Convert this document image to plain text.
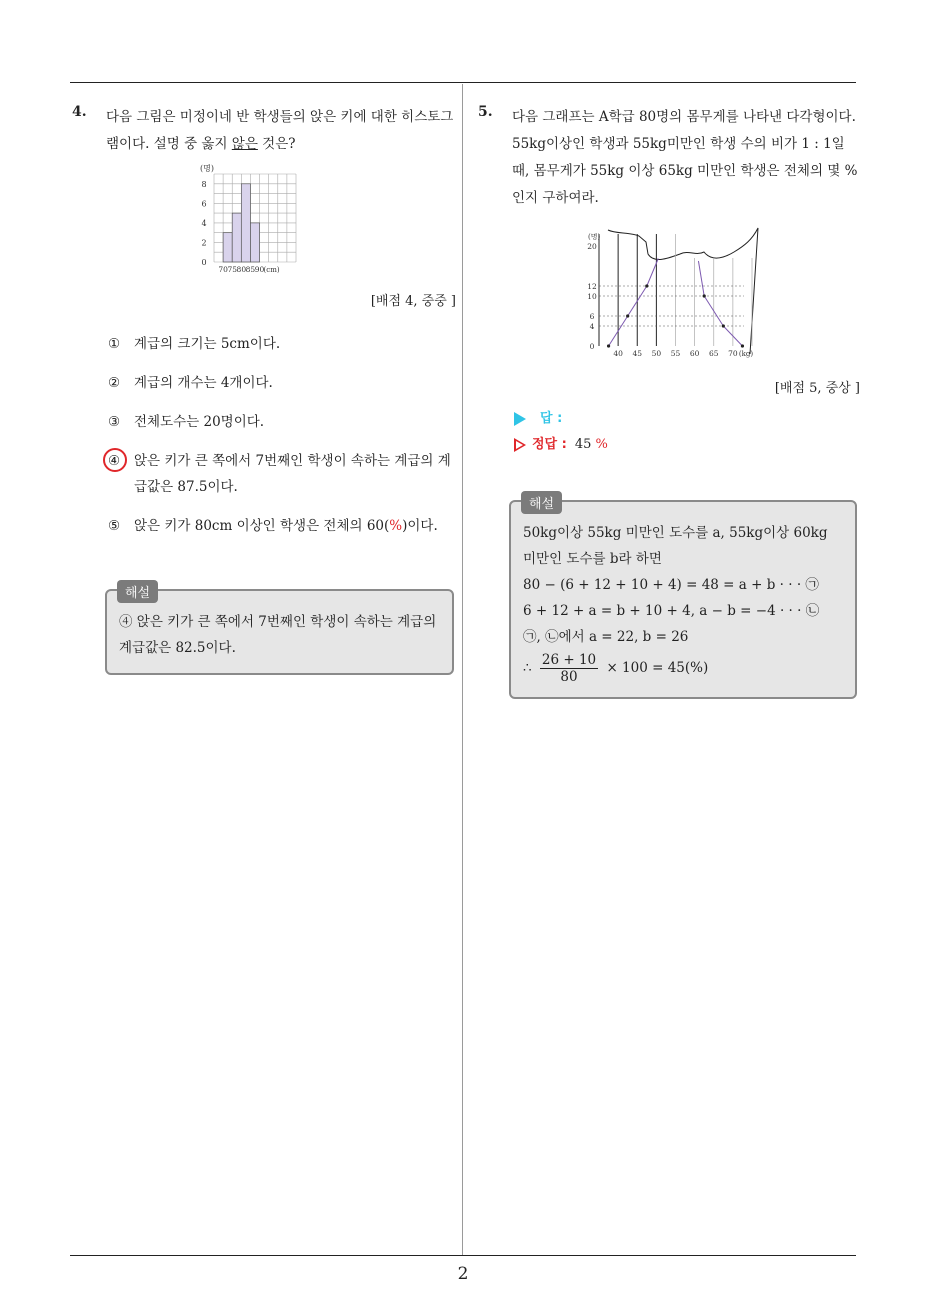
2
4.	다음 그림은 미정이네 반 학생들의 앉은 키에 대한 히스토그램이다. 설명 중 옳지 않은 것은?
(명)
0
2
4
6
8
70 75 80 85 90 (cm)
[배점 4, 중중 ]
①	계급의 크기는 5cm이다.
②	계급의 개수는 4개이다.
③	전체도수는 20명이다.
④	앉은 키가 큰 쪽에서 7번째인 학생이 속하는 계급의 계급값은 87.5이다.
⑤	앉은 키가 80cm 이상인 학생은 전체의 60(%)이다.
해설
④ 앉은 키가 큰 쪽에서 7번째인 학생이 속하는 계급의 계급값은 82.5이다.
5.	다음 그래프는 A학급 80명의 몸무게를 나타낸 다각형이다. 55kg이상인 학생과 55kg미만인 학생 수의 비가 1 : 1일 때, 몸무게가 55kg 이상 65kg 미만인 학생은 전체의 몇 %인지 구하여라.
(명)
0
4
6
10
12
20
40 45 50 55 60 65 70 (kg)
[배점 5, 중상 ]
답 :
정답 : 45 %
해설
50kg이상 55kg 미만인 도수를 a, 55kg이상 60kg 미만인 도수를 b라 하면
80 − (6 + 12 + 10 + 4) = 48 = a + b · · · ㉠
6 + 12 + a = b + 10 + 4, a − b = −4 · · · ㉡
㉠, ㉡에서 a = 22, b = 26
∴ $\frac{26 + 10}{80} \times 100 = 45(\%)$
